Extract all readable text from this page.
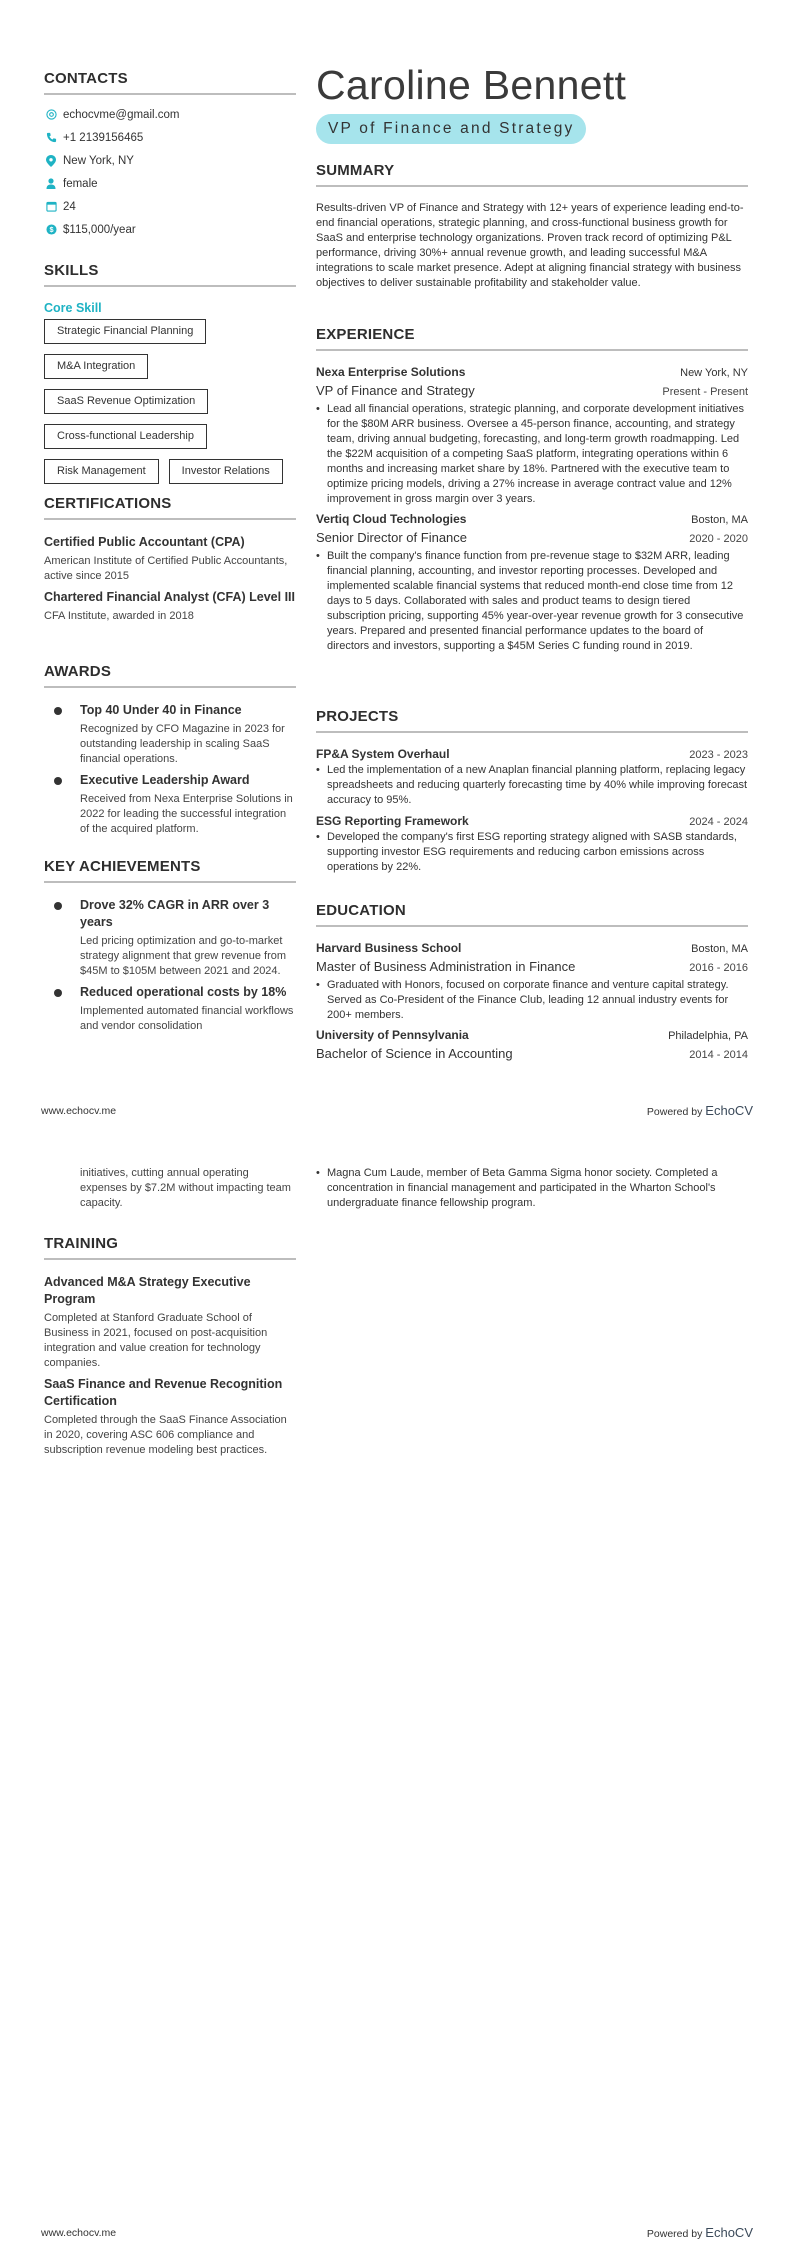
CONTACTS
echocvme@gmail.com
+1 2139156465
New York, NY
female
24
$ $115,000/year
SKILLS
Core Skill
Strategic Financial Planning
M&A Integration
SaaS Revenue Optimization
Cross-functional Leadership
Risk Management	Investor Relations
CERTIFICATIONS
Certified Public Accountant (CPA)
American Institute of Certified Public Accountants, active since 2015
Chartered Financial Analyst (CFA) Level III
CFA Institute, awarded in 2018
AWARDS
Top 40 Under 40 in Finance
Recognized by CFO Magazine in 2023 for outstanding leadership in scaling SaaS financial operations.
Executive Leadership Award
Received from Nexa Enterprise Solutions in 2022 for leading the successful integration of the acquired platform.
KEY ACHIEVEMENTS
Drove 32% CAGR in ARR over 3 years
Led pricing optimization and go-to-market strategy alignment that grew revenue from $45M to $105M between 2021 and 2024.
Reduced operational costs by 18%
Implemented automated financial workflows and vendor consolidation
Caroline Bennett
VP of Finance and Strategy
SUMMARY
Results-driven VP of Finance and Strategy with 12+ years of experience leading end-to-end financial operations, strategic planning, and cross-functional business growth for SaaS and enterprise technology organizations. Proven track record of optimizing P&L performance, driving 30%+ annual revenue growth, and leading successful M&A integrations to scale market presence. Adept at aligning financial strategy with business objectives to deliver sustainable profitability and stakeholder value.
EXPERIENCE
Nexa Enterprise Solutions	New York, NY
VP of Finance and Strategy	Present - Present
• Lead all financial operations, strategic planning, and corporate development initiatives for the $80M ARR business. Oversee a 45-person finance, accounting, and strategy team, driving annual budgeting, forecasting, and long-term growth roadmapping. Led the $22M acquisition of a competing SaaS platform, integrating operations within 6 months and increasing market share by 18%. Partnered with the executive team to optimize pricing models, driving a 27% increase in average contract value and 12% improvement in gross margin over 3 years.
Vertiq Cloud Technologies	Boston, MA
Senior Director of Finance	2020 - 2020
• Built the company's finance function from pre-revenue stage to $32M ARR, leading financial planning, accounting, and investor reporting processes. Developed and implemented scalable financial systems that reduced month-end close time from 12 days to 5 days. Collaborated with sales and product teams to design tiered subscription pricing, supporting 45% year-over-year revenue growth for 3 consecutive years. Prepared and presented financial performance updates to the board of directors and investors, supporting a $45M Series C funding round in 2019.
PROJECTS
FP&A System Overhaul	2023 - 2023
• Led the implementation of a new Anaplan financial planning platform, replacing legacy spreadsheets and reducing quarterly forecasting time by 40% while improving forecast accuracy to 95%.
ESG Reporting Framework	2024 - 2024
• Developed the company's first ESG reporting strategy aligned with SASB standards, supporting investor ESG requirements and reducing carbon emissions across operations by 22%.
EDUCATION
Harvard Business School	Boston, MA
Master of Business Administration in Finance	2016 - 2016
• Graduated with Honors, focused on corporate finance and venture capital strategy. Served as Co-President of the Finance Club, leading 12 annual industry events for 200+ members.
University of Pennsylvania	Philadelphia, PA
Bachelor of Science in Accounting	2014 - 2014
www.echocv.me	Powered by EchoCV
initiatives, cutting annual operating expenses by $7.2M without impacting team capacity.
TRAINING
Advanced M&A Strategy Executive Program
Completed at Stanford Graduate School of Business in 2021, focused on post-acquisition integration and value creation for technology companies.
SaaS Finance and Revenue Recognition Certification
Completed through the SaaS Finance Association in 2020, covering ASC 606 compliance and subscription revenue modeling best practices.
• Magna Cum Laude, member of Beta Gamma Sigma honor society. Completed a concentration in financial management and participated in the Wharton School's undergraduate finance fellowship program.
www.echocv.me	Powered by EchoCV
